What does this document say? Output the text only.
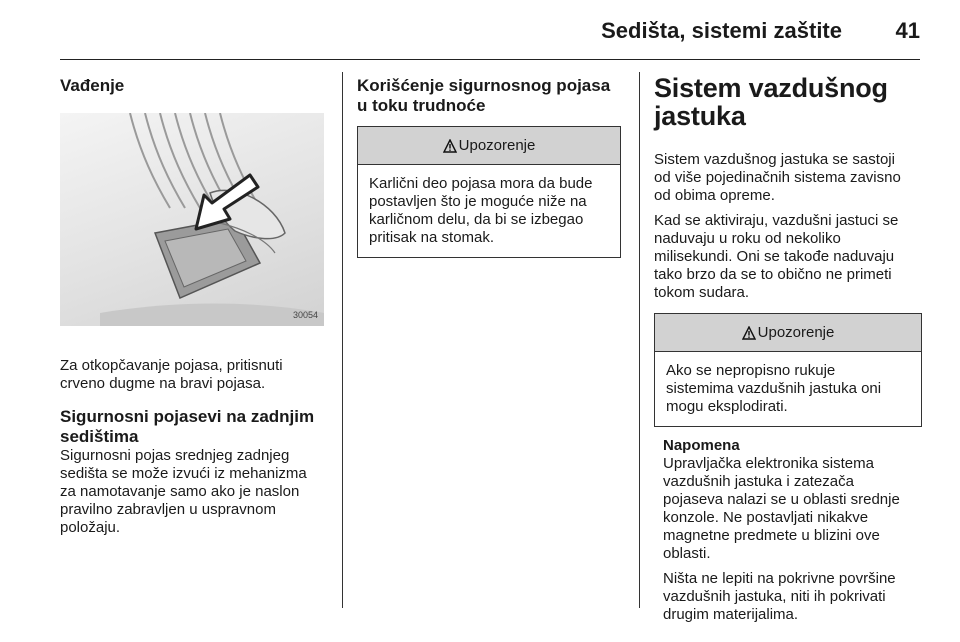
Sedišta, sistemi zaštite 41
Vađenje
30054

Za otkopčavanje pojasa, pritisnuti
crveno dugme na bravi pojasa.

Sigurnosni pojasevi na zadnjim
sedištima

Sigurnosni pojas srednjeg zadnjeg
sedišta se može izvući iz mehanizma
za namotavanje samo ako je naslon
pravilno zabravljen u uspravnom
položaju.

Korišćenje sigurnosnog pojasa
u toku trudnoće
Upozorenje

Karlični deo pojasa mora da bude
postavljen što je moguće niže na
karličnom delu, da bi se izbegao
pritisak na stomak.

Sistem vazdušnog
jastuka

Sistem vazdušnog jastuka se sastoji
od više pojedinačnih sistema zavisno
od obima opreme.

Kad se aktiviraju, vazdušni jastuci se
naduvaju u roku od nekoliko
milisekundi. Oni se takođe naduvaju
tako brzo da se to obično ne primeti
tokom sudara.

Upozorenje

Ako se nepropisno rukuje
sistemima vazdušnih jastuka oni
mogu eksplodirati.

Napomena

Upravljačka elektronika sistema
vazdušnih jastuka i zatezača
pojaseva nalazi se u oblasti srednje
konzole. Ne postavljati nikakve
magnetne predmete u blizini ove
oblasti.

Ništa ne lepiti na pokrivne površine
vazdušnih jastuka, niti ih pokrivati
drugim materijalima.
